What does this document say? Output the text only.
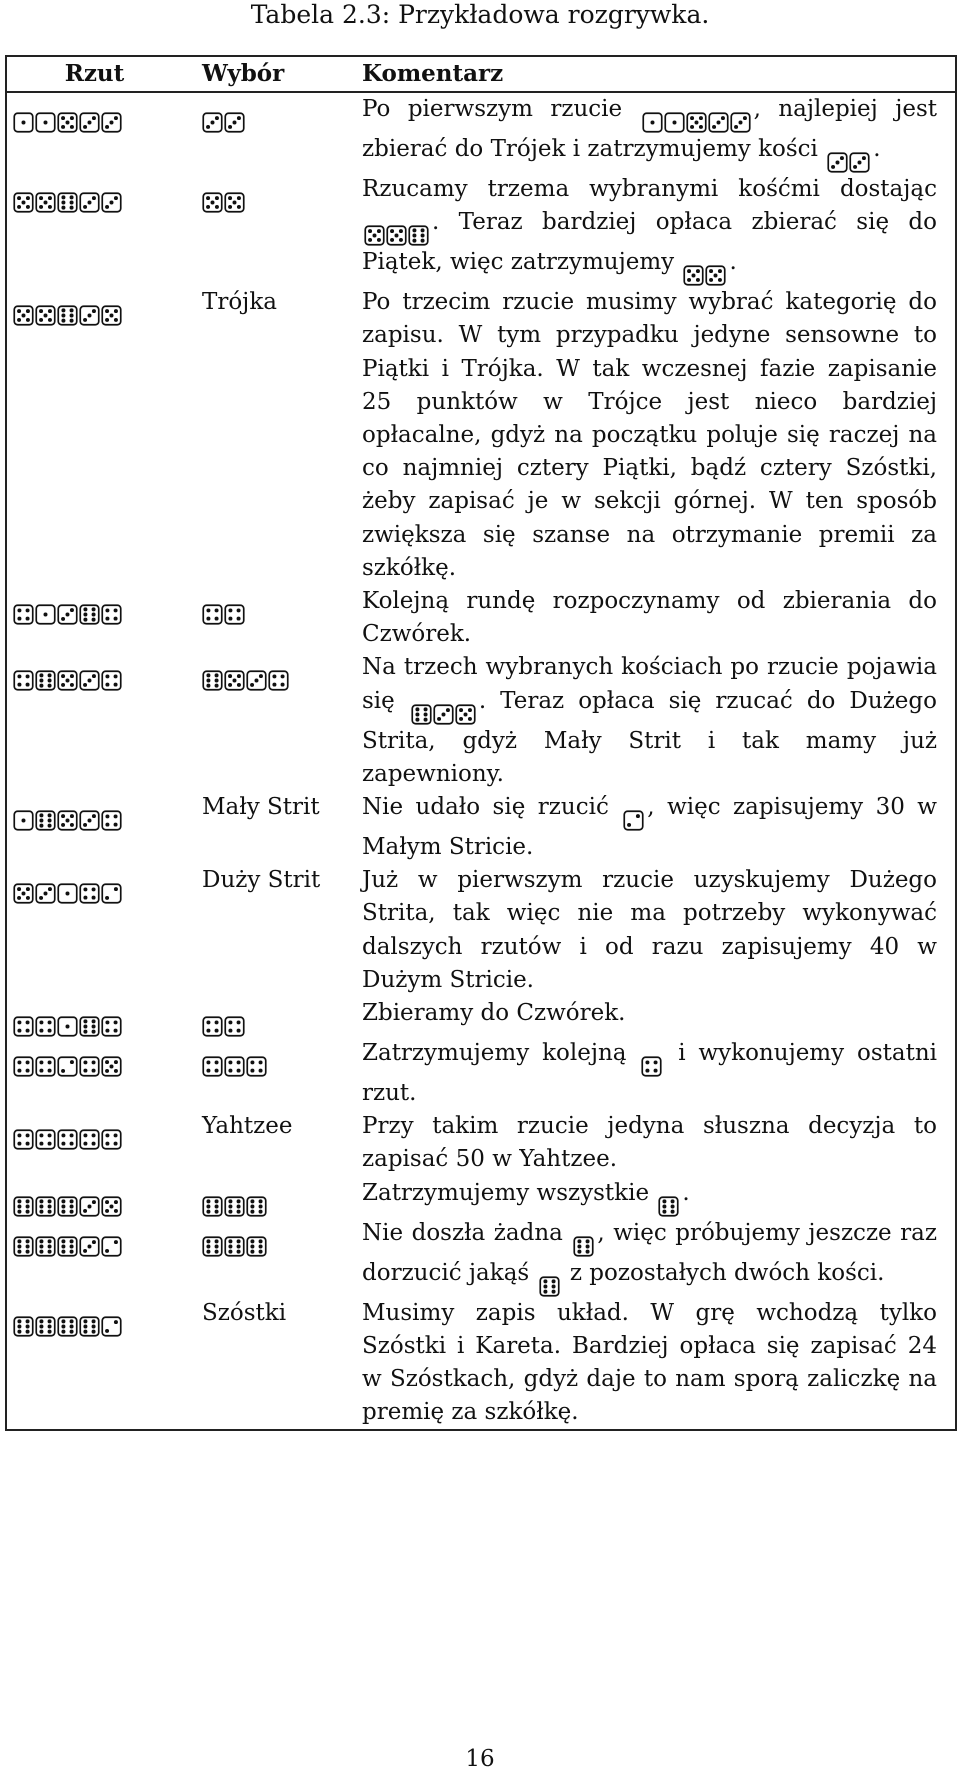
Tabela 2.3: Przykładowa rozgrywka.
Rzut	Wybór	Komentarz
		Po pierwszym rzucie , najlepiej jest zbierać do Trójek i zatrzymujemy kości .
		Rzucamy trzema wybranymi kośćmi dostając . Teraz bardziej opłaca zbierać się do Piątek, więc zatrzymujemy .
	Trójka	Po trzecim rzucie musimy wybrać kategorię do zapisu. W tym przypadku jedyne sensowne to Piątki i Trójka. W tak wczesnej fazie zapisanie 25 punktów w Trójce jest nieco bardziej opłacalne, gdyż na początku poluje się raczej na co najmniej cztery Piątki, bądź cztery Szóstki, żeby zapisać je w sekcji górnej. W ten sposób zwiększa się szanse na otrzymanie premii za szkółkę.
		Kolejną rundę rozpoczynamy od zbierania do Czwórek.
		Na trzech wybranych kościach po rzucie pojawia się . Teraz opłaca się rzucać do Dużego Strita, gdyż Mały Strit i tak mamy już zapewniony.
	Mały Strit	Nie udało się rzucić , więc zapisujemy 30 w Małym Stricie.
	Duży Strit	Już w pierwszym rzucie uzyskujemy Dużego Strita, tak więc nie ma potrzeby wykonywać dalszych rzutów i od razu zapisujemy 40 w Dużym Stricie.
		Zbieramy do Czwórek.
		Zatrzymujemy kolejną  i wykonujemy ostatni rzut.
	Yahtzee	Przy takim rzucie jedyna słuszna decyzja to zapisać 50 w Yahtzee.
		Zatrzymujemy wszystkie .
		Nie doszła żadna , więc próbujemy jeszcze raz dorzucić jakąś  z pozostałych dwóch kości.
	Szóstki	Musimy zapis układ. W grę wchodzą tylko Szóstki i Kareta. Bardziej opłaca się zapisać 24 w Szóstkach, gdyż daje to nam sporą zaliczkę na premię za szkółkę.
16
